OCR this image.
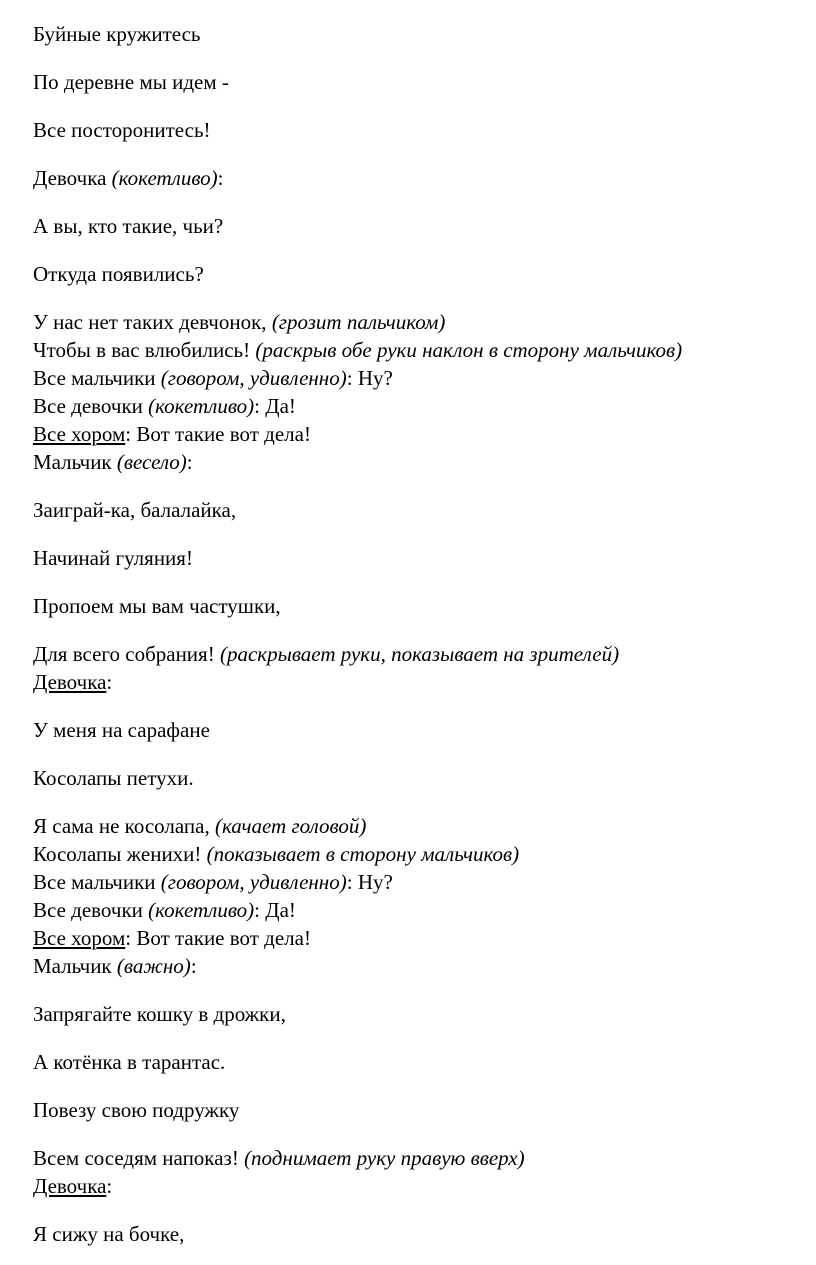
Буйные кружитесь
По деревне мы идем -
Все посторонитесь!
Девочка (кокетливо):
А вы, кто такие, чьи?
Откуда появились?
У нас нет таких девчонок, (грозит пальчиком)
Чтобы в вас влюбились! (раскрыв обе руки наклон в сторону мальчиков)
Все мальчики (говором, удивленно): Ну?
Все девочки (кокетливо): Да!
Все хором: Вот такие вот дела!
Мальчик (весело):
Заиграй-ка, балалайка,
Начинай гуляния!
Пропоем мы вам частушки,
Для всего собрания! (раскрывает руки, показывает на зрителей)
Девочка:
У меня на сарафане
Косолапы петухи.
Я сама не косолапа, (качает головой)
Косолапы женихи! (показывает в сторону мальчиков)
Все мальчики (говором, удивленно): Ну?
Все девочки (кокетливо): Да!
Все хором: Вот такие вот дела!
Мальчик (важно):
Запрягайте кошку в дрожки,
А котёнка в тарантас.
Повезу свою подружку
Всем соседям напоказ! (поднимает руку правую вверх)
Девочка:
Я сижу на бочке,
